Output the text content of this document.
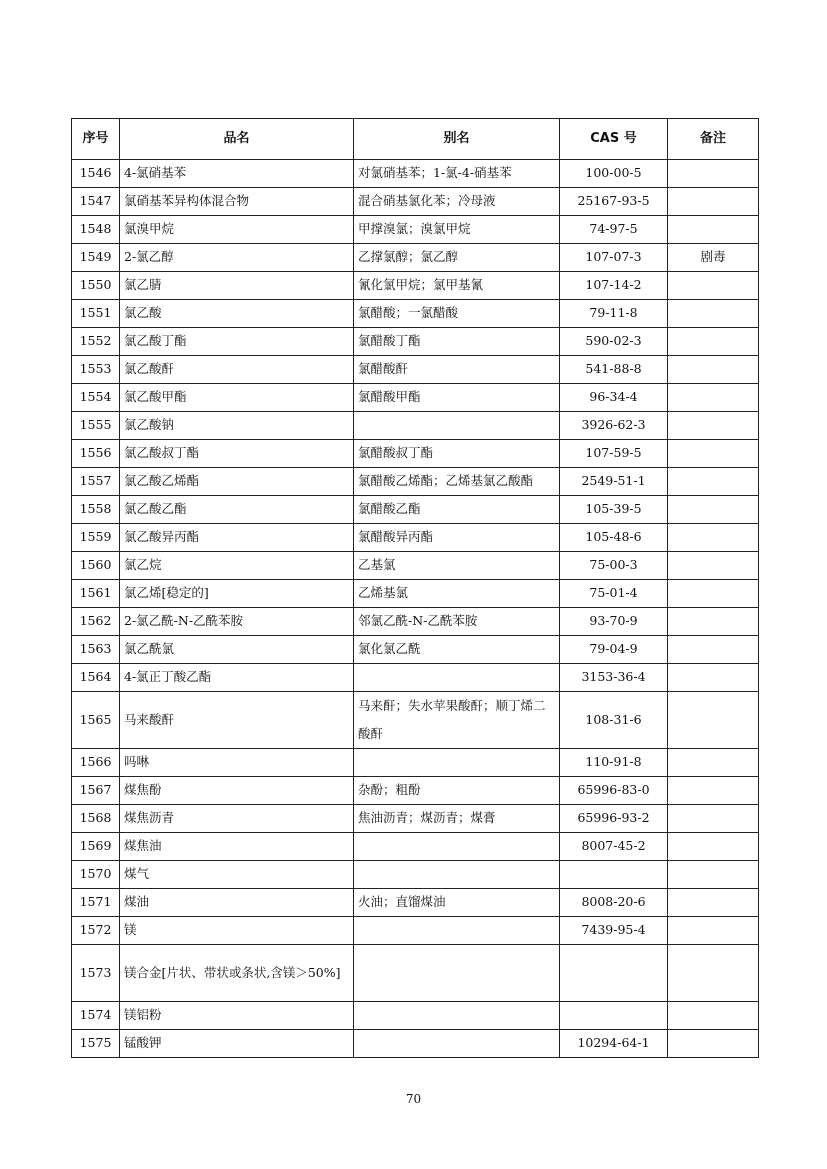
序号	品名	别名	CAS 号	备注
1546	4-氯硝基苯	对氯硝基苯；1-氯-4-硝基苯	100-00-5	
1547	氯硝基苯异构体混合物	混合硝基氯化苯；冷母液	25167-93-5	
1548	氯溴甲烷	甲撑溴氯；溴氯甲烷	74-97-5	
1549	2-氯乙醇	乙撑氯醇；氯乙醇	107-07-3	剧毒
1550	氯乙腈	氰化氯甲烷；氯甲基氰	107-14-2	
1551	氯乙酸	氯醋酸；一氯醋酸	79-11-8	
1552	氯乙酸丁酯	氯醋酸丁酯	590-02-3	
1553	氯乙酸酐	氯醋酸酐	541-88-8	
1554	氯乙酸甲酯	氯醋酸甲酯	96-34-4	
1555	氯乙酸钠		3926-62-3	
1556	氯乙酸叔丁酯	氯醋酸叔丁酯	107-59-5	
1557	氯乙酸乙烯酯	氯醋酸乙烯酯；乙烯基氯乙酸酯	2549-51-1	
1558	氯乙酸乙酯	氯醋酸乙酯	105-39-5	
1559	氯乙酸异丙酯	氯醋酸异丙酯	105-48-6	
1560	氯乙烷	乙基氯	75-00-3	
1561	氯乙烯[稳定的]	乙烯基氯	75-01-4	
1562	2-氯乙酰-N-乙酰苯胺	邻氯乙酰-N-乙酰苯胺	93-70-9	
1563	氯乙酰氯	氯化氯乙酰	79-04-9	
1564	4-氯正丁酸乙酯		3153-36-4	
1565	马来酸酐	马来酐；失水苹果酸酐；顺丁烯二酸酐	108-31-6	
1566	吗啉		110-91-8	
1567	煤焦酚	杂酚；粗酚	65996-83-0	
1568	煤焦沥青	焦油沥青；煤沥青；煤膏	65996-93-2	
1569	煤焦油		8007-45-2	
1570	煤气			
1571	煤油	火油；直馏煤油	8008-20-6	
1572	镁		7439-95-4	
1573	镁合金[片状、带状或条状,含镁＞50%]			
1574	镁铝粉			
1575	锰酸钾		10294-64-1	
70
